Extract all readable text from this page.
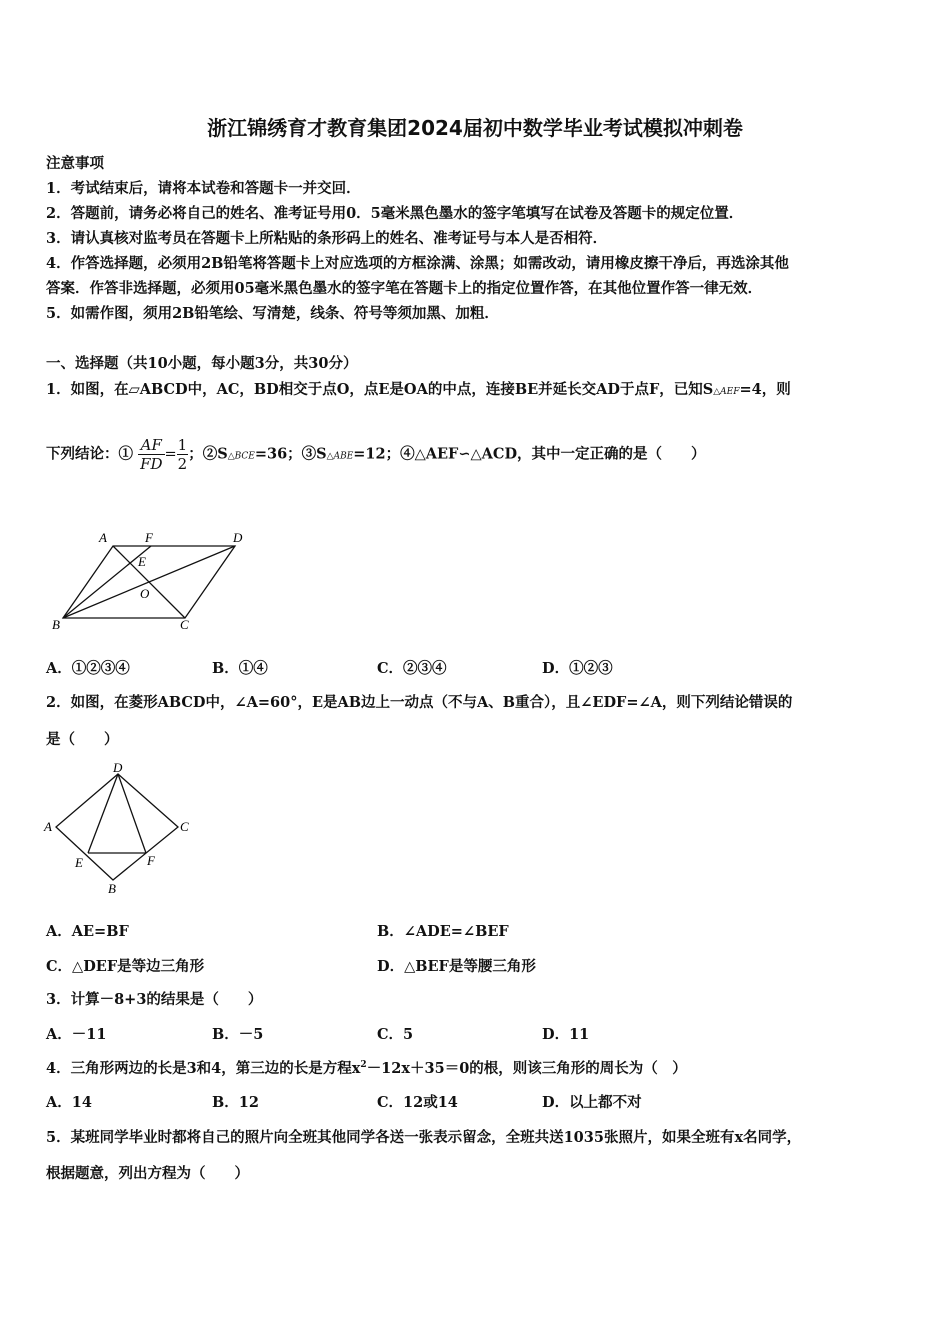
浙江锦绣育才教育集团2024届初中数学毕业考试模拟冲刺卷
注意事项
1．考试结束后，请将本试卷和答题卡一并交回．
2．答题前，请务必将自己的姓名、准考证号用0．5毫米黑色墨水的签字笔填写在试卷及答题卡的规定位置．
3．请认真核对监考员在答题卡上所粘贴的条形码上的姓名、准考证号与本人是否相符．
4．作答选择题，必须用2B铅笔将答题卡上对应选项的方框涂满、涂黑；如需改动，请用橡皮擦干净后，再选涂其他
答案．作答非选择题，必须用05毫米黑色墨水的签字笔在答题卡上的指定位置作答，在其他位置作答一律无效．
5．如需作图，须用2B铅笔绘、写清楚，线条、符号等须加黑、加粗．
一、选择题（共10小题，每小题3分，共30分）
1．如图，在▱ABCD中，AC，BD相交于点O，点E是OA的中点，连接BE并延长交AD于点F，已知S△AEF=4，则
下列结论：① $\frac{AF}{FD} = \frac{1}{2}$ ；②S△BCE=36；③S△ABE=12；④△AEF∽△ACD，其中一定正确的是（　　）
A	F	D
E
O
B	C
A．①②③④	B．①④	C．②③④	D．①②③
2．如图，在菱形ABCD中，∠A=60°，E是AB边上一动点（不与A、B重合），且∠EDF=∠A，则下列结论错误的
是（　　）
D
A	C
E	F
B
A．AE=BF	B．∠ADE=∠BEF
C．△DEF是等边三角形	D．△BEF是等腰三角形
3．计算－8+3的结果是（　　）
A．－11	B．－5	C．5	D．11
4．三角形两边的长是3和4，第三边的长是方程$x^2-12x+35=0$的根，则该三角形的周长为（　）
A．14	B．12	C．12或14	D．以上都不对
5．某班同学毕业时都将自己的照片向全班其他同学各送一张表示留念，全班共送1035张照片，如果全班有x名同学，
根据题意，列出方程为（　　）
